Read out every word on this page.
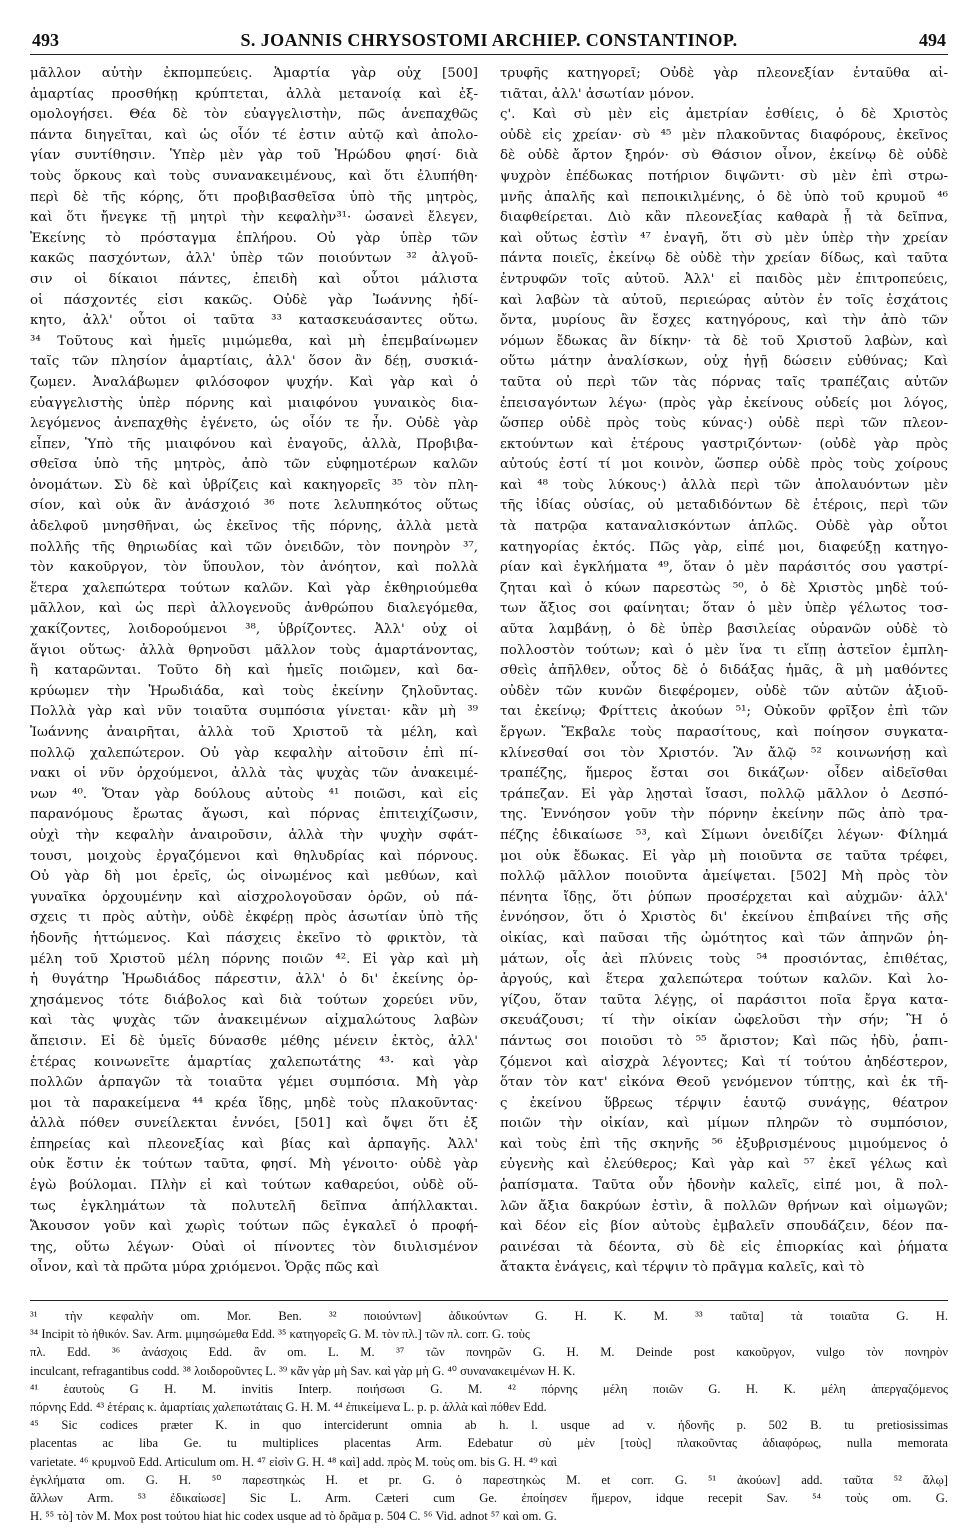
493	S. JOANNIS CHRYSOSTOMI ARCHIEP. CONSTANTINOP.	494
μᾶλλον αὐτὴν ἐκπομπεύεις. Ἁμαρτία γὰρ οὐχ [500]
ἁμαρτίας προσθήκῃ κρύπτεται, ἀλλὰ μετανοίᾳ καὶ ἐξ-
ομολογήσει. Θέα δὲ τὸν εὐαγγελιστὴν, πῶς ἀνεπαχθῶς
πάντα διηγεῖται, καὶ ὡς οἷόν τέ ἐστιν αὐτῷ καὶ ἀπολο-
γίαν συντίθησιν. Ὑπὲρ μὲν γὰρ τοῦ Ἡρώδου φησί· διὰ
τοὺς ὅρκους καὶ τοὺς συνανακειμένους, καὶ ὅτι ἐλυπήθη·
περὶ δὲ τῆς κόρης, ὅτι προβιβασθεῖσα ὑπὸ τῆς μητρὸς,
καὶ ὅτι ἤνεγκε τῇ μητρὶ τὴν κεφαλὴν³¹· ὡσανεὶ ἔλεγεν,
Ἐκείνης τὸ πρόσταγμα ἐπλήρου. Οὐ γὰρ ὑπὲρ τῶν
κακῶς πασχόντων, ἀλλ' ὑπὲρ τῶν ποιούντων ³² ἀλγοῦ-
σιν οἱ δίκαιοι πάντες, ἐπειδὴ καὶ οὗτοι μάλιστα
οἱ πάσχοντές εἰσι κακῶς. Οὐδὲ γὰρ Ἰωάννης ἠδί-
κητο, ἀλλ' οὗτοι οἱ ταῦτα ³³ κατασκευάσαντες οὕτω.
³⁴ Τοῦτους καὶ ἡμεῖς μιμώμεθα, καὶ μὴ ἐπεμβαίνωμεν
ταῖς τῶν πλησίον ἁμαρτίαις, ἀλλ' ὅσον ἂν δέῃ, συσκιά-
ζωμεν. Ἀναλάβωμεν φιλόσοφον ψυχήν. Καὶ γὰρ καὶ ὁ
εὐαγγελιστὴς ὑπὲρ πόρνης καὶ μιαιφόνου γυναικὸς δια-
λεγόμενος ἀνεπαχθὴς ἐγένετο, ὡς οἷόν τε ἦν. Οὐδὲ γὰρ
εἶπεν, Ὑπὸ τῆς μιαιφόνου καὶ ἐναγοῦς, ἀλλὰ, Προβιβα-
σθεῖσα ὑπὸ τῆς μητρὸς, ἀπὸ τῶν εὐφημοτέρων καλῶν
ὀνομάτων. Σὺ δὲ καὶ ὑβρίζεις καὶ κακηγορεῖς ³⁵ τὸν πλη-
σίον, καὶ οὐκ ἂν ἀνάσχοιό ³⁶ ποτε λελυπηκότος οὕτως
ἀδελφοῦ μνησθῆναι, ὡς ἐκεῖνος τῆς πόρνης, ἀλλὰ μετὰ
πολλῆς τῆς θηριωδίας καὶ τῶν ὀνειδῶν, τὸν πονηρὸν ³⁷,
τὸν κακοῦργον, τὸν ὕπουλον, τὸν ἀνόητον, καὶ πολλὰ
ἕτερα χαλεπώτερα τούτων καλῶν. Καὶ γὰρ ἐκθηριούμεθα
μᾶλλον, καὶ ὡς περὶ ἀλλογενοῦς ἀνθρώπου διαλεγόμεθα,
χακίζοντες, λοιδορούμενοι ³⁸, ὑβρίζοντες. Ἀλλ' οὐχ οἱ
ἅγιοι οὕτως· ἀλλὰ θρηνοῦσι μᾶλλον τοὺς ἁμαρτάνοντας,
ἢ καταρῶνται. Τοῦτο δὴ καὶ ἡμεῖς ποιῶμεν, καὶ δα-
κρύωμεν τὴν Ἡρωδιάδα, καὶ τοὺς ἐκείνην ζηλοῦντας.
Πολλὰ γὰρ καὶ νῦν τοιαῦτα συμπόσια γίνεται· κἂν μὴ ³⁹
Ἰωάννης ἀναιρῆται, ἀλλὰ τοῦ Χριστοῦ τὰ μέλη, καὶ
πολλῷ χαλεπώτερον. Οὐ γὰρ κεφαλὴν αἰτοῦσιν ἐπὶ πί-
νακι οἱ νῦν ὀρχούμενοι, ἀλλὰ τὰς ψυχὰς τῶν ἀνακειμέ-
νων ⁴⁰. Ὅταν γὰρ δούλους αὐτοὺς ⁴¹ ποιῶσι, καὶ εἰς
παρανόμους ἔρωτας ἄγωσι, καὶ πόρνας ἐπιτειχίζωσιν,
οὐχὶ τὴν κεφαλὴν ἀναιροῦσιν, ἀλλὰ τὴν ψυχὴν σφάτ-
τουσι, μοιχοὺς ἐργαζόμενοι καὶ θηλυδρίας καὶ πόρνους.
Οὐ γὰρ δὴ μοι ἐρεῖς, ὡς οἰνωμένος καὶ μεθύων, καὶ
γυναῖκα ὀρχουμένην καὶ αἰσχρολογοῦσαν ὁρῶν, οὐ πά-
σχεις τι πρὸς αὐτὴν, οὐδὲ ἐκφέρῃ πρὸς ἀσωτίαν ὑπὸ τῆς
ἡδονῆς ἡττώμενος. Καὶ πάσχεις ἐκεῖνο τὸ φρικτὸν, τὰ
μέλη τοῦ Χριστοῦ μέλη πόρνης ποιῶν ⁴². Εἰ γὰρ καὶ μὴ
ἡ θυγάτηρ Ἡρωδιάδος πάρεστιν, ἀλλ' ὁ δι' ἐκείνης ὀρ-
χησάμενος τότε διάβολος καὶ διὰ τούτων χορεύει νῦν,
καὶ τὰς ψυχὰς τῶν ἀνακειμένων αἰχμαλώτους λαβὼν
ἄπεισιν. Εἰ δὲ ὑμεῖς δύνασθε μέθης μένειν ἐκτὸς, ἀλλ'
ἑτέρας κοινωνεῖτε ἁμαρτίας χαλεπωτάτης ⁴³· καὶ γὰρ
πολλῶν ἁρπαγῶν τὰ τοιαῦτα γέμει συμπόσια. Μὴ γὰρ
μοι τὰ παρακείμενα ⁴⁴ κρέα ἴδῃς, μηδὲ τοὺς πλακοῦντας·
ἀλλὰ πόθεν συνείλεκται ἐννόει, [501] καὶ ὄψει ὅτι ἐξ
ἐπηρείας καὶ πλεονεξίας καὶ βίας καὶ ἁρπαγῆς. Ἀλλ'
οὐκ ἔστιν ἐκ τούτων ταῦτα, φησί. Μὴ γένοιτο· οὐδὲ γὰρ
ἐγὼ βούλομαι. Πλὴν εἰ καὶ τούτων καθαρεύοι, οὐδὲ οὕ-
τως ἐγκλημάτων τὰ πολυτελῆ δεῖπνα ἀπήλλακται.
Ἄκουσον γοῦν καὶ χωρὶς τούτων πῶς ἐγκαλεῖ ὁ προφή-
της, οὕτω λέγων· Οὐαὶ οἱ πίνοντες τὸν διυλισμένον
οἶνον, καὶ τὰ πρῶτα μύρα χριόμενοι. Ὁρᾷς πῶς καὶ
τρυφῆς κατηγορεῖ; Οὐδὲ γὰρ πλεονεξίαν ἐνταῦθα αἰ-
τιᾶται, ἀλλ' ἀσωτίαν μόνον.
ς'. Καὶ σὺ μὲν εἰς ἀμετρίαν ἐσθίεις, ὁ δὲ Χριστὸς
οὐδὲ εἰς χρείαν· σὺ ⁴⁵ μὲν πλακοῦντας διαφόρους, ἐκεῖνος
δὲ οὐδὲ ἄρτον ξηρόν· σὺ Θάσιον οἶνον, ἐκείνῳ δὲ οὐδὲ
ψυχρὸν ἐπέδωκας ποτήριον διψῶντι· σὺ μὲν ἐπὶ στρω-
μνῆς ἁπαλῆς καὶ πεποικιλμένης, ὁ δὲ ὑπὸ τοῦ κρυμοῦ ⁴⁶
διαφθείρεται. Διὸ κἂν πλεονεξίας καθαρὰ ᾖ τὰ δεῖπνα,
καὶ οὕτως ἐστὶν ⁴⁷ ἐναγῆ, ὅτι σὺ μὲν ὑπὲρ τὴν χρείαν
πάντα ποιεῖς, ἐκείνῳ δὲ οὐδὲ τὴν χρείαν δίδως, καὶ ταῦτα
ἐντρυφῶν τοῖς αὐτοῦ. Ἀλλ' εἰ παιδὸς μὲν ἐπιτροπεύεις,
καὶ λαβὼν τὰ αὐτοῦ, περιεώρας αὐτὸν ἐν τοῖς ἐσχάτοις
ὄντα, μυρίους ἂν ἔσχες κατηγόρους, καὶ τὴν ἀπὸ τῶν
νόμων ἔδωκας ἂν δίκην· τὰ δὲ τοῦ Χριστοῦ λαβὼν, καὶ
οὕτω μάτην ἀναλίσκων, οὐχ ἡγῇ δώσειν εὐθύνας; Καὶ
ταῦτα οὐ περὶ τῶν τὰς πόρνας ταῖς τραπέζαις αὐτῶν
ἐπεισαγόντων λέγω· (πρὸς γὰρ ἐκείνους οὐδείς μοι λόγος,
ὥσπερ οὐδὲ πρὸς τοὺς κύνας·) οὐδὲ περὶ τῶν πλεον-
εκτούντων καὶ ἑτέρους γαστριζόντων· (οὐδὲ γὰρ πρὸς
αὐτούς ἐστί τί μοι κοινὸν, ὥσπερ οὐδὲ πρὸς τοὺς χοίρους
καὶ ⁴⁸ τοὺς λύκους·) ἀλλὰ περὶ τῶν ἀπολαυόντων μὲν
τῆς ἰδίας οὐσίας, οὐ μεταδιδόντων δὲ ἑτέροις, περὶ τῶν
τὰ πατρῷα καταναλισκόντων ἁπλῶς. Οὐδὲ γὰρ οὗτοι
κατηγορίας ἐκτός. Πῶς γὰρ, εἰπέ μοι, διαφεύξῃ κατηγο-
ρίαν καὶ ἐγκλήματα ⁴⁹, ὅταν ὁ μὲν παράσιτός σου γαστρί-
ζηται καὶ ὁ κύων παρεστὼς ⁵⁰, ὁ δὲ Χριστὸς μηδὲ τού-
των ἄξιος σοι φαίνηται; ὅταν ὁ μὲν ὑπὲρ γέλωτος τοσ-
αῦτα λαμβάνῃ, ὁ δὲ ὑπὲρ βασιλείας οὐρανῶν οὐδὲ τὸ
πολλοστὸν τούτων; καὶ ὁ μὲν ἵνα τι εἴπῃ ἀστεῖον ἐμπλη-
σθεὶς ἀπῆλθεν, οὗτος δὲ ὁ διδάξας ἡμᾶς, ἃ μὴ μαθόντες
οὐδὲν τῶν κυνῶν διεφέρομεν, οὐδὲ τῶν αὐτῶν ἀξιοῦ-
ται ἐκείνῳ; Φρίττεις ἀκούων ⁵¹; Οὐκοῦν φρῖξον ἐπὶ τῶν
ἔργων. Ἔκβαλε τοὺς παρασίτους, καὶ ποίησον συγκατα-
κλίνεσθαί σοι τὸν Χριστόν. Ἂν ἄλῷ ⁵² κοινωνήσῃ καὶ
τραπέζης, ἥμερος ἔσται σοι δικάζων· οἶδεν αἰδεῖσθαι
τράπεζαν. Εἰ γὰρ λῃσταὶ ἴσασι, πολλῷ μᾶλλον ὁ Δεσπό-
της. Ἐννόησον γοῦν τὴν πόρνην ἐκείνην πῶς ἀπὸ τρα-
πέζης ἐδικαίωσε ⁵³, καὶ Σίμωνι ὀνειδίζει λέγων· Φίλημά
μοι οὐκ ἔδωκας. Εἰ γὰρ μὴ ποιοῦντα σε ταῦτα τρέφει,
πολλῷ μᾶλλον ποιοῦντα ἀμείψεται. [502] Μὴ πρὸς τὸν
πένητα ἴδῃς, ὅτι ῥύπων προσέρχεται καὶ αὐχμῶν· ἀλλ'
ἐννόησον, ὅτι ὁ Χριστὸς δι' ἐκείνου ἐπιβαίνει τῆς σῆς
οἰκίας, καὶ παῦσαι τῆς ὠμότητος καὶ τῶν ἀπηνῶν ῥη-
μάτων, οἷς ἀεὶ πλύνεις τοὺς ⁵⁴ προσιόντας, ἐπιθέτας,
ἀργούς, καὶ ἕτερα χαλεπώτερα τούτων καλῶν. Καὶ λο-
γίζου, ὅταν ταῦτα λέγῃς, οἱ παράσιτοι ποῖα ἔργα κατα-
σκευάζουσι; τί τὴν οἰκίαν ὠφελοῦσι τὴν σήν; Ἢ ὁ
πάντως σοι ποιοῦσι τὸ ⁵⁵ ἄριστον; Καὶ πῶς ἡδὺ, ῥαπι-
ζόμενοι καὶ αἰσχρὰ λέγοντες; Καὶ τί τούτου ἀηδέστερον,
ὅταν τὸν κατ' εἰκόνα Θεοῦ γενόμενον τύπτῃς, καὶ ἐκ τῆ-
ς ἐκείνου ὕβρεως τέρψιν ἑαυτῷ συνάγῃς, θέατρον
ποιῶν τὴν οἰκίαν, καὶ μίμων πληρῶν τὸ συμπόσιον,
καὶ τοὺς ἐπὶ τῆς σκηνῆς ⁵⁶ ἐξυβρισμένους μιμούμενος ὁ
εὐγενὴς καὶ ἐλεύθερος; Καὶ γὰρ καὶ ⁵⁷ ἐκεῖ γέλως καὶ
ῥαπίσματα. Ταῦτα οὖν ἡδονὴν καλεῖς, εἰπέ μοι, ἃ πολ-
λῶν ἄξια δακρύων ἐστὶν, ἃ πολλῶν θρήνων καὶ οἰμωγῶν;
καὶ δέον εἰς βίον αὐτοὺς ἐμβαλεῖν σπουδάζειν, δέον πα-
ραινέσαι τὰ δέοντα, σὺ δὲ εἰς ἐπιορκίας καὶ ῥήματα
ἄτακτα ἐνάγεις, καὶ τέρψιν τὸ πρᾶγμα καλεῖς, καὶ τὸ
³¹ τὴν κεφαλὴν om. Mor. Ben. ³² ποιούντων] ἀδικούντων G. H. K. M. ³³ ταῦτα] τὰ τοιαῦτα G. H.
³⁴ Incipit τὸ ἠθικόν. Sav. Arm. μιμησώμεθα Edd. ³⁵ κατηγορεῖς G. M. τὸν πλ.] τῶν πλ. corr. G. τοὺς
πλ. Edd. ³⁶ ἀνάσχοις Edd. ἂν om. L. M. ³⁷ τῶν πονηρῶν G. H. M. Deinde post κακοῦργον, vulgo τὸν πονηρὸν
inculcant, refragantibus codd. ³⁸ λοιδοροῦντες L. ³⁹ κἂν γὰρ μὴ Sav. καὶ γὰρ μὴ G. ⁴⁰ συνανακειμένων H. K.
⁴¹ ἑαυτοὺς G H. M. invitis Interp. ποιήσωσι G. M. ⁴² πόρνης μέλη ποιῶν G. H. K. μέλη ἀπεργαζόμενος
πόρνης Edd. ⁴³ ἑτέραις κ. ἁμαρτίαις χαλεπωτάταις G. H. M. ⁴⁴ ἐπικείμενα L. p. p. ἀλλὰ καὶ πόθεν Edd.
⁴⁵ Sic codices præter K. in quo interciderunt omnia ab h. l. usque ad v. ἡδονῆς p. 502 B. tu pretiosissimas
placentas ac liba Ge. tu multiplices placentas Arm. Edebatur σὺ μὲν [τοὺς] πλακοῦντας ἀδιαφόρως, nulla memorata
varietate. ⁴⁶ κρυμνοῦ Edd. Articulum om. H. ⁴⁷ εἰσὶν G. H. ⁴⁸ καὶ] add. πρὸς M. τοὺς om. bis G. H. ⁴⁹ καὶ
ἐγκλήματα om. G. H. ⁵⁰ παρεστηκὼς H. et pr. G. ὁ παρεστηκὼς M. et corr. G. ⁵¹ ἀκούων] add. ταῦτα ⁵² ἄλῳ]
ἄλλων Arm. ⁵³ ἐδικαίωσε] Sic L. Arm. Cæteri cum Ge. ἐποίησεν ἥμερον, idque recepit Sav. ⁵⁴ τοὺς om. G.
H. ⁵⁵ τὸ] τὸν M. Mox post τούτου hiat hic codex usque ad τὸ δρᾶμα p. 504 C. ⁵⁶ Vid. adnot ⁵⁷ καὶ om. G.
